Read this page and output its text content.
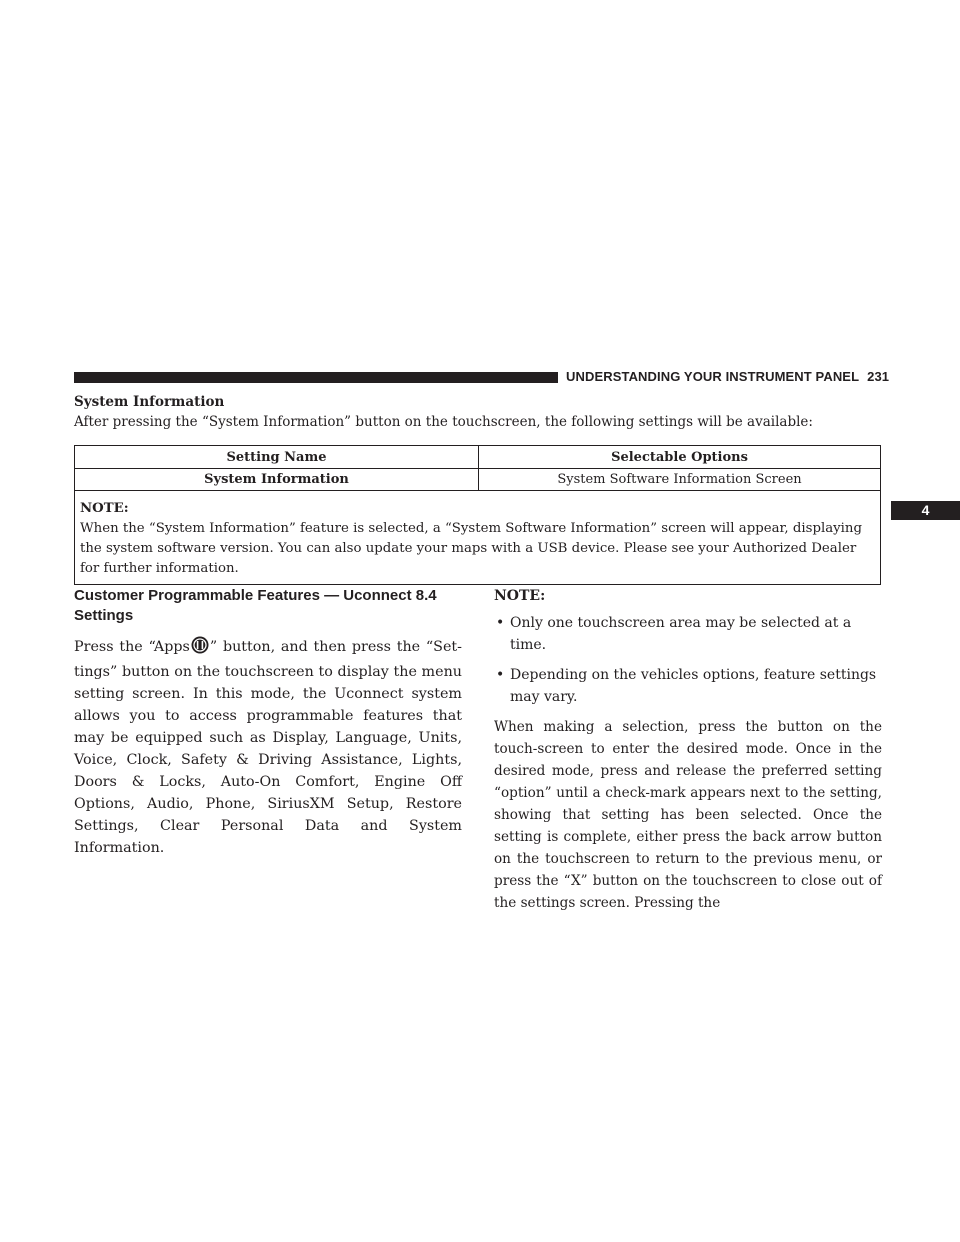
UNDERSTANDING YOUR INSTRUMENT PANEL 231
4
System Information
After pressing the “System Information” button on the touchscreen, the following settings will be available:
Setting Name	Selectable Options
System Information	System Software Information Screen

NOTE:
When the “System Information” feature is selected, a “System Software Information” screen will appear, displaying the system software version. You can also update your maps with a USB device. Please see your Authorized Dealer for further information.	
Customer Programmable Features — Uconnect 8.4 Settings

Press the “Apps ” button, and then press the “Set-tings” button on the touchscreen to display the menu setting screen. In this mode, the Uconnect system allows you to access programmable features that may be equipped such as Display, Language, Units, Voice, Clock, Safety & Driving Assistance, Lights, Doors & Locks, Auto-On Comfort, Engine Off Options, Audio, Phone, SiriusXM Setup, Restore Settings, Clear Personal Data and System Information.

NOTE:
• Only one touchscreen area may be selected at a time.
• Depending on the vehicles options, feature settings may vary.

When making a selection, press the button on the touch-screen to enter the desired mode. Once in the desired mode, press and release the preferred setting “option” until a check-mark appears next to the setting, showing that setting has been selected. Once the setting is complete, either press the back arrow button on the touchscreen to return to the previous menu, or press the “X” button on the touchscreen to close out of the settings screen. Pressing the
